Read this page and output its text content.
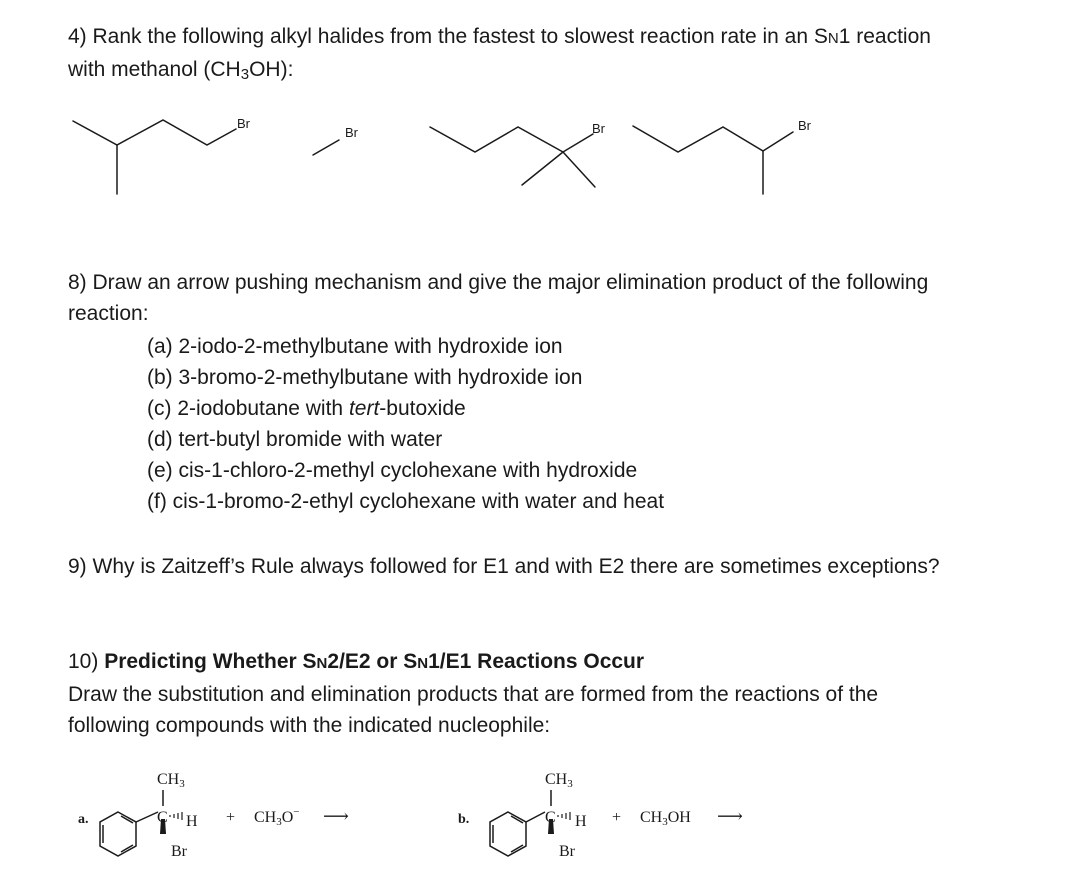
4) Rank the following alkyl halides from the fastest to slowest reaction rate in an SN1 reaction
with methanol $(CH_3OH)$:
Br
Br	Br	Br
a.
CH3
C H
Br
+ CH3O− ⟶	b.
CH3
C H
Br
+ CH3OH ⟶
8) Draw an arrow pushing mechanism and give the major elimination product of the following
reaction:
(a) 2-iodo-2-methylbutane with hydroxide ion
(b) 3-bromo-2-methylbutane with hydroxide ion
(c) 2-iodobutane with tert-butoxide
(d) tert-butyl bromide with water
(e) cis-1-chloro-2-methyl cyclohexane with hydroxide
(f) cis-1-bromo-2-ethyl cyclohexane with water and heat
9) Why is Zaitzeff’s Rule always followed for E1 and with E2 there are sometimes exceptions?
10) Predicting Whether SN2/E2 or SN1/E1 Reactions Occur
Draw the substitution and elimination products that are formed from the reactions of the
following compounds with the indicated nucleophile:
